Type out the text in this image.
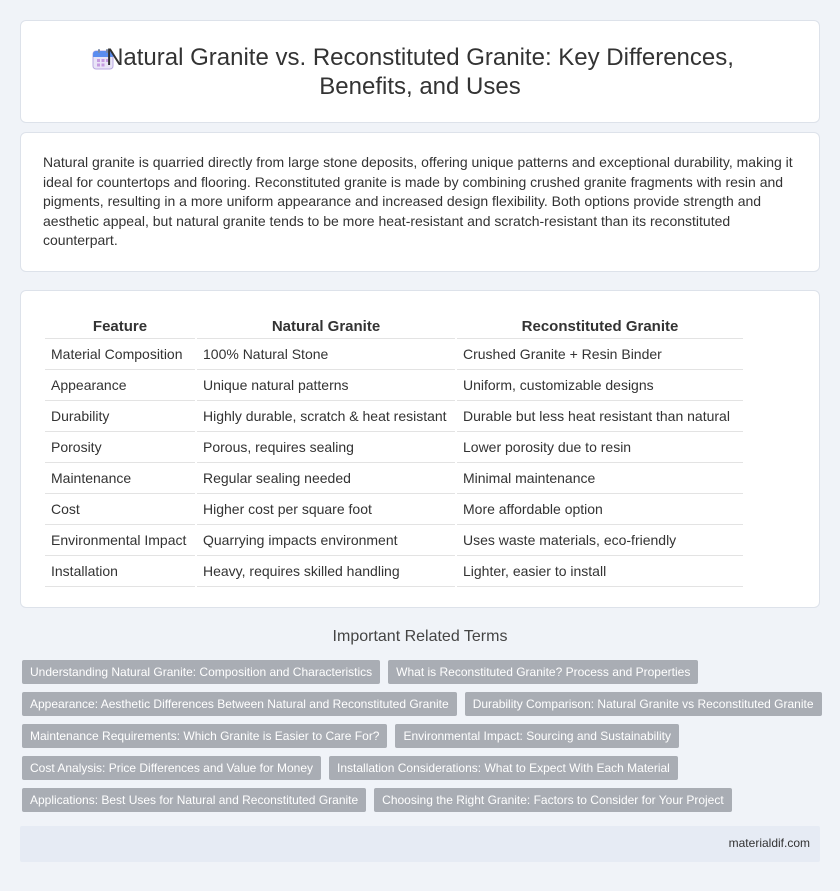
Natural Granite vs. Reconstituted Granite: Key Differences, Benefits, and Uses

Natural granite is quarried directly from large stone deposits, offering unique patterns and exceptional durability, making it ideal for countertops and flooring. Reconstituted granite is made by combining crushed granite fragments with resin and pigments, resulting in a more uniform appearance and increased design flexibility. Both options provide strength and aesthetic appeal, but natural granite tends to be more heat-resistant and scratch-resistant than its reconstituted counterpart.

Feature	Natural Granite	Reconstituted Granite
Material Composition	100% Natural Stone	Crushed Granite + Resin Binder
Appearance	Unique natural patterns	Uniform, customizable designs
Durability	Highly durable, scratch & heat resistant	Durable but less heat resistant than natural
Porosity	Porous, requires sealing	Lower porosity due to resin
Maintenance	Regular sealing needed	Minimal maintenance
Cost	Higher cost per square foot	More affordable option
Environmental Impact	Quarrying impacts environment	Uses waste materials, eco-friendly
Installation	Heavy, requires skilled handling	Lighter, easier to install
Important Related Terms
Understanding Natural Granite: Composition and Characteristics	What is Reconstituted Granite? Process and Properties
Appearance: Aesthetic Differences Between Natural and Reconstituted Granite	Durability Comparison: Natural Granite vs Reconstituted Granite
Maintenance Requirements: Which Granite is Easier to Care For?	Environmental Impact: Sourcing and Sustainability
Cost Analysis: Price Differences and Value for Money	Installation Considerations: What to Expect With Each Material
Applications: Best Uses for Natural and Reconstituted Granite	Choosing the Right Granite: Factors to Consider for Your Project
materialdif.com
